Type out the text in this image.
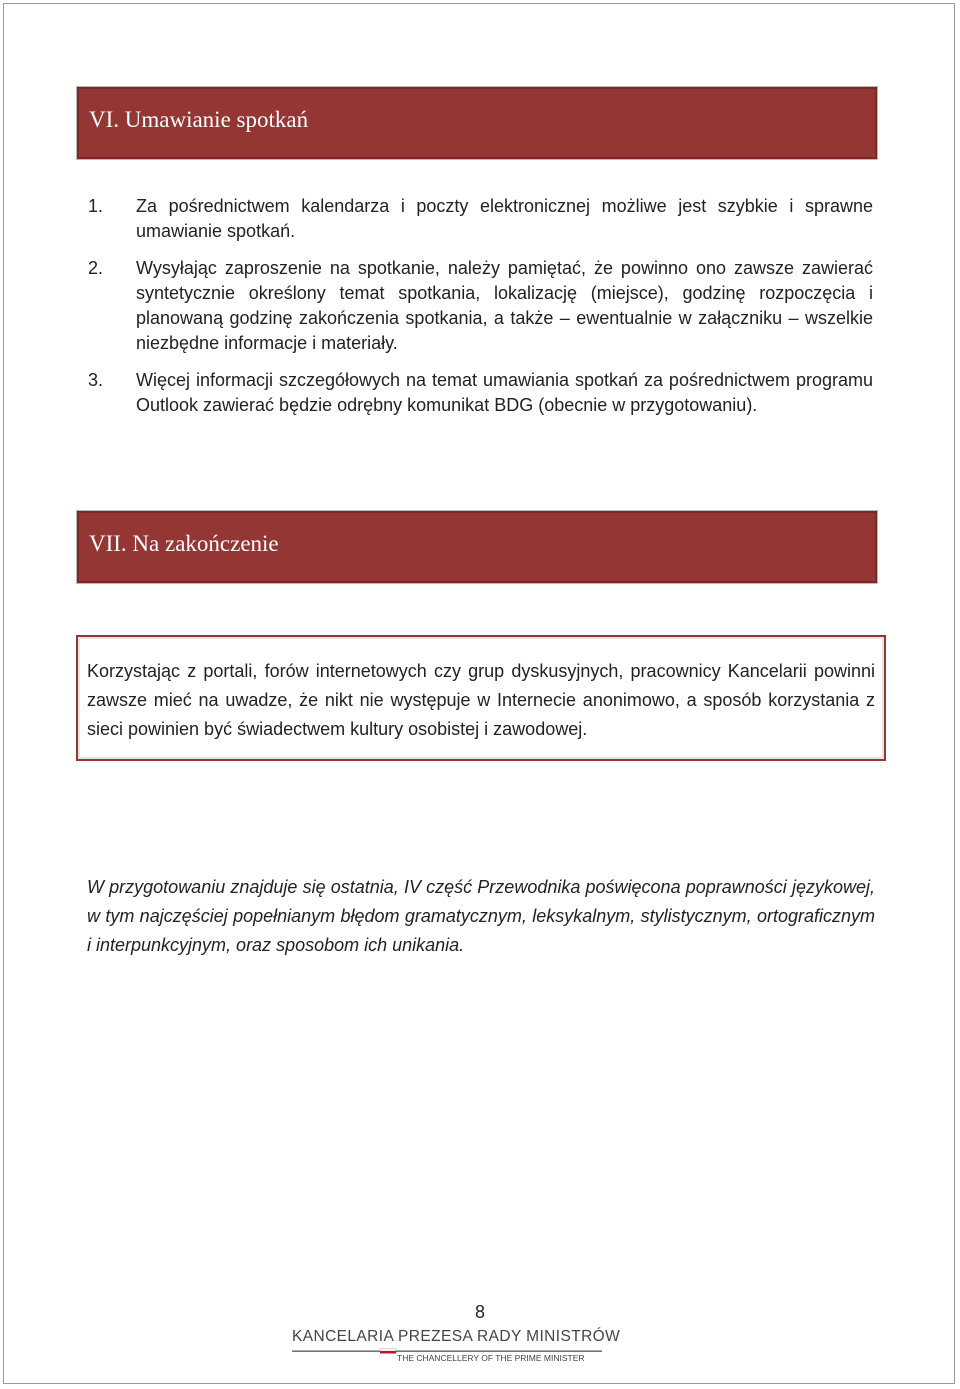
VI. Umawianie spotkań
1. Za pośrednictwem kalendarza i poczty elektronicznej możliwe jest szybkie i sprawne umawianie spotkań.
2. Wysyłając zaproszenie na spotkanie, należy pamiętać, że powinno ono zawsze zawierać syntetycznie określony temat spotkania, lokalizację (miejsce), godzinę rozpoczęcia i planowaną godzinę zakończenia spotkania, a także – ewentualnie w załączniku – wszelkie niezbędne informacje i materiały.
3. Więcej informacji szczegółowych na temat umawiania spotkań za pośrednictwem programu Outlook zawierać będzie odrębny komunikat BDG (obecnie w przygotowaniu).
VII. Na zakończenie
Korzystając z portali, forów internetowych czy grup dyskusyjnych, pracownicy Kancelarii powinni zawsze mieć na uwadze, że nikt nie występuje w Internecie anonimowo, a sposób korzystania z sieci powinien być świadectwem kultury osobistej i zawodowej.
W przygotowaniu znajduje się ostatnia, IV część Przewodnika poświęcona poprawności językowej, w tym najczęściej popełnianym błędom gramatycznym, leksykalnym, stylistycznym, ortograficznym i interpunkcyjnym, oraz sposobom ich unikania.
8
KANCELARIA PREZESA RADY MINISTRÓW
THE CHANCELLERY OF THE PRIME MINISTER
